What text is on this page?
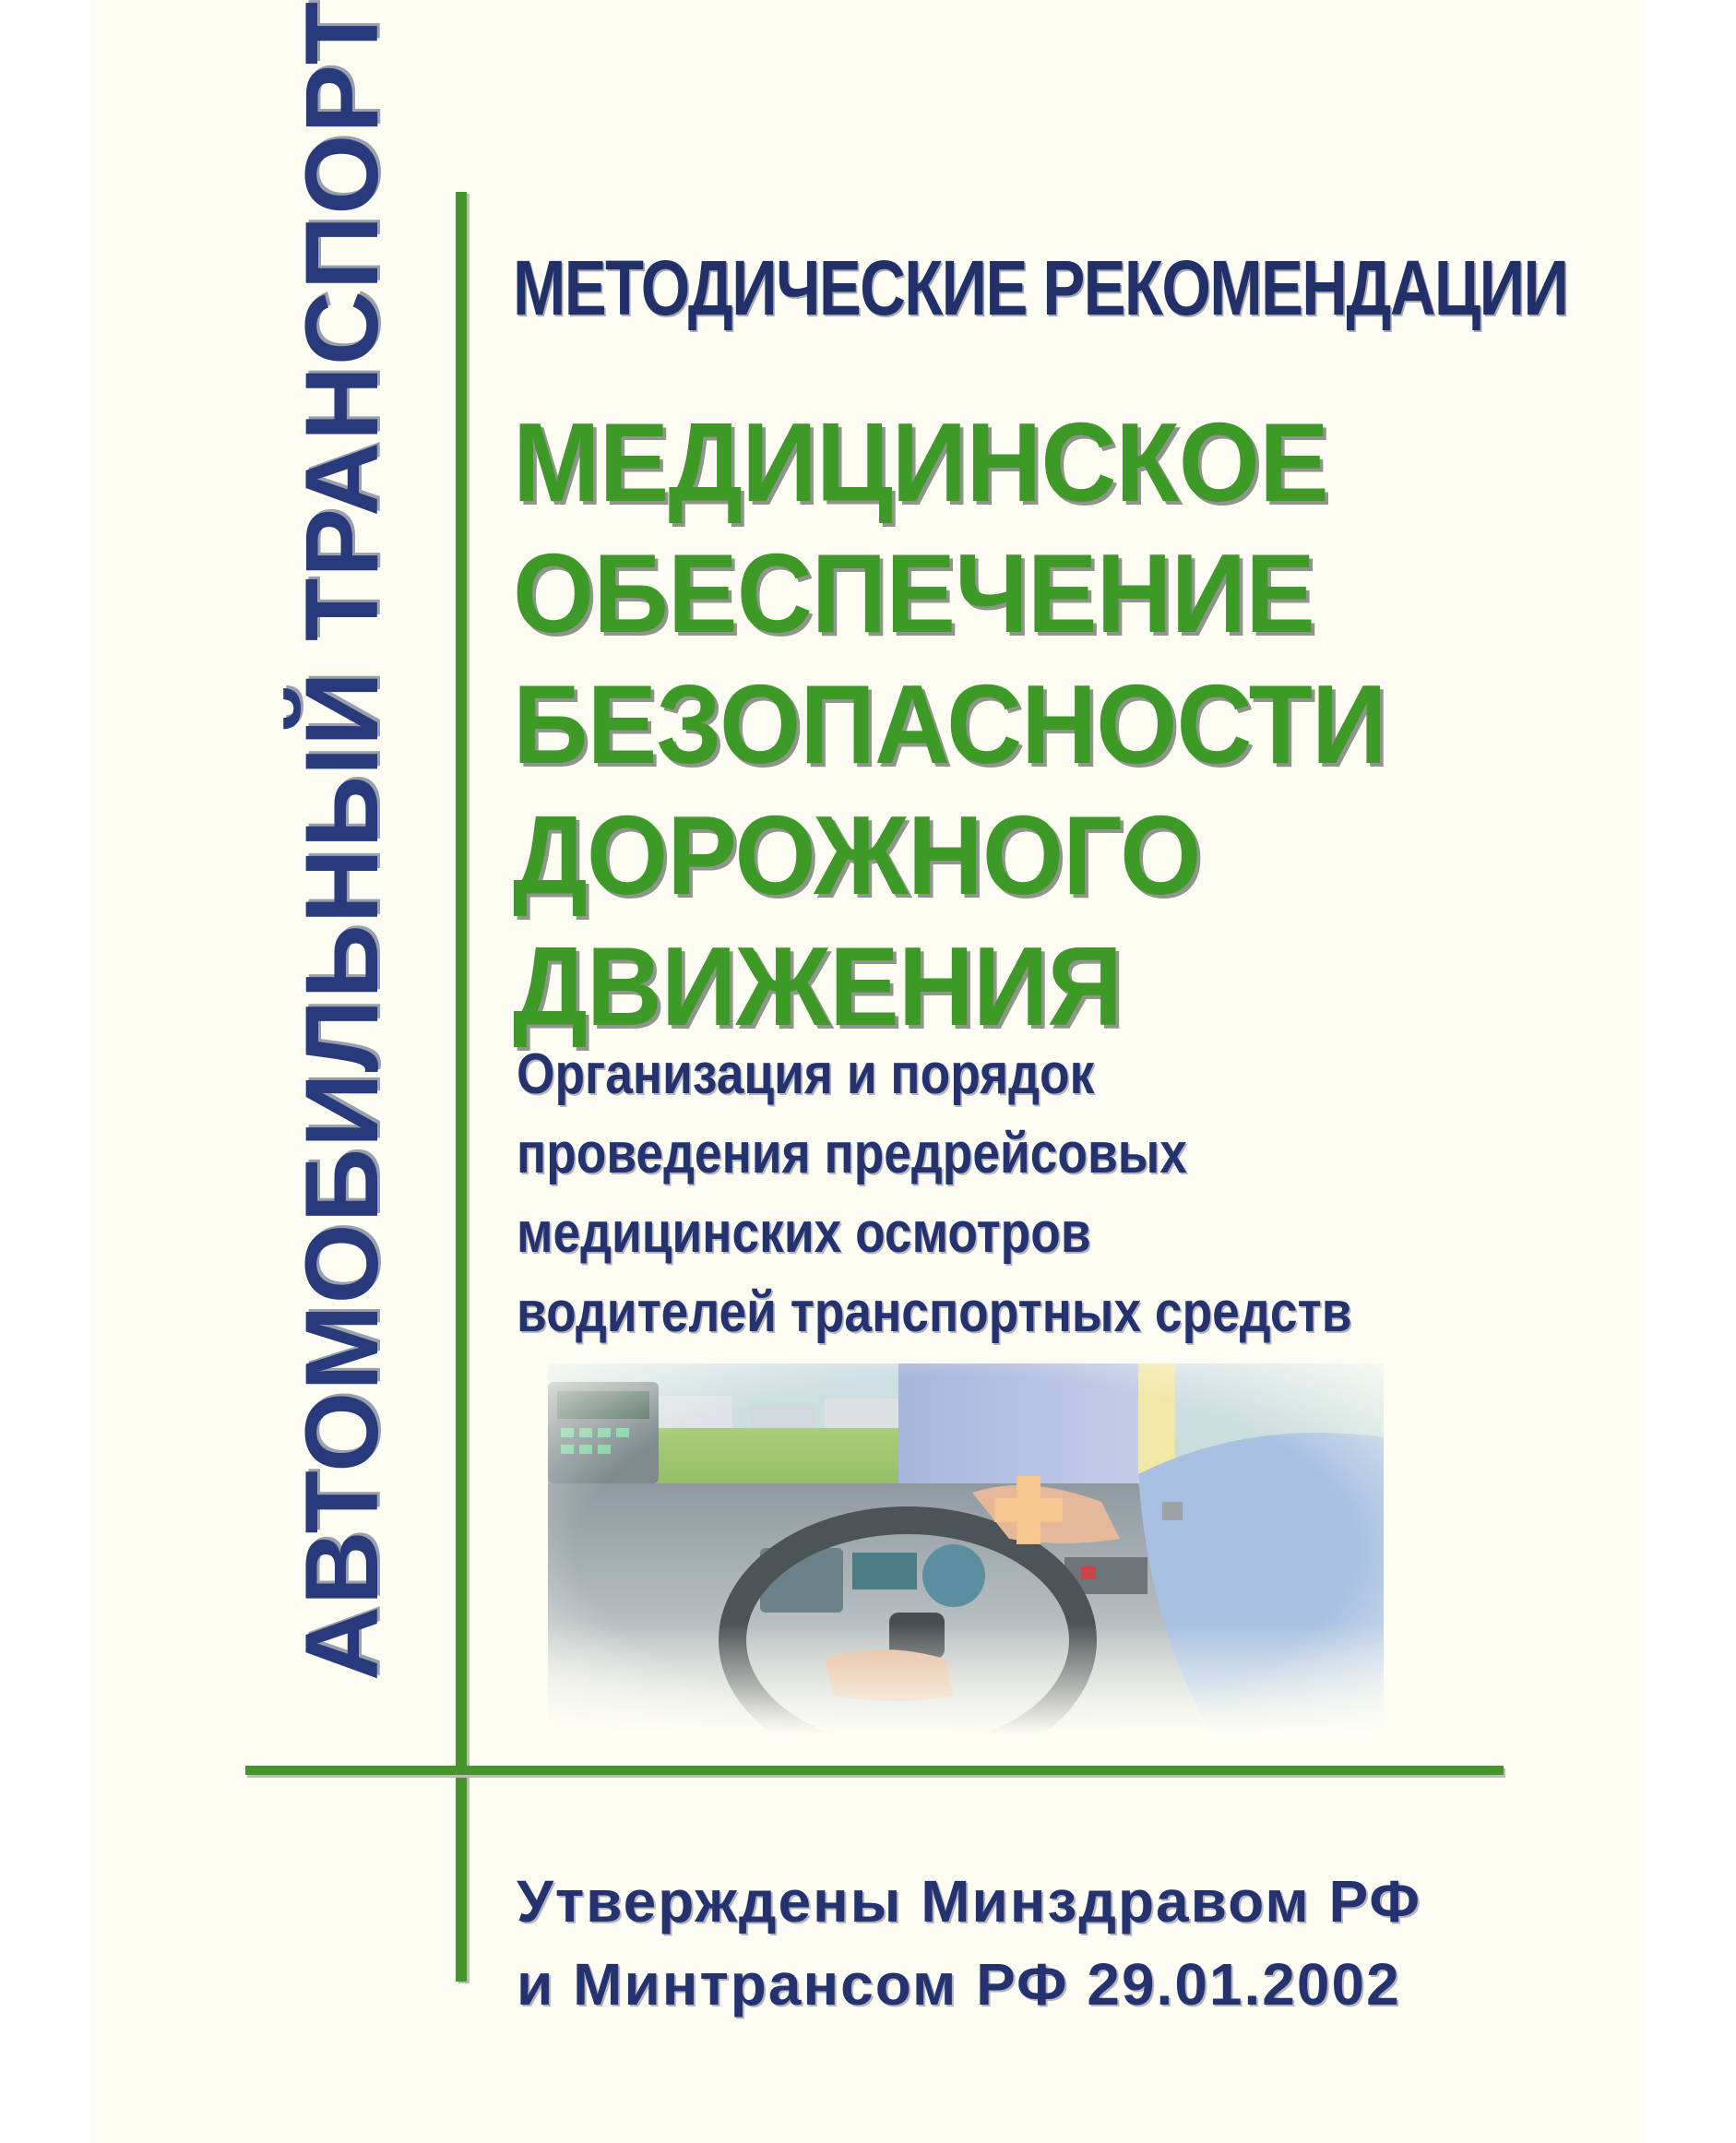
АВТОМОБИЛЬНЫЙ ТРАНСПОРТ МЕТОДИЧЕСКИЕ РЕКОМЕНДАЦИИ

МЕДИЦИНСКОЕ
ОБЕСПЕЧЕНИЕ
БЕЗОПАСНОСТИ
ДОРОЖНОГО
ДВИЖЕНИЯ
Организация и порядок
проведения предрейсовых
медицинских осмотров
водителей транспортных средств
Утверждены Минздравом РФ
и Минтрансом РФ 29.01.2002
